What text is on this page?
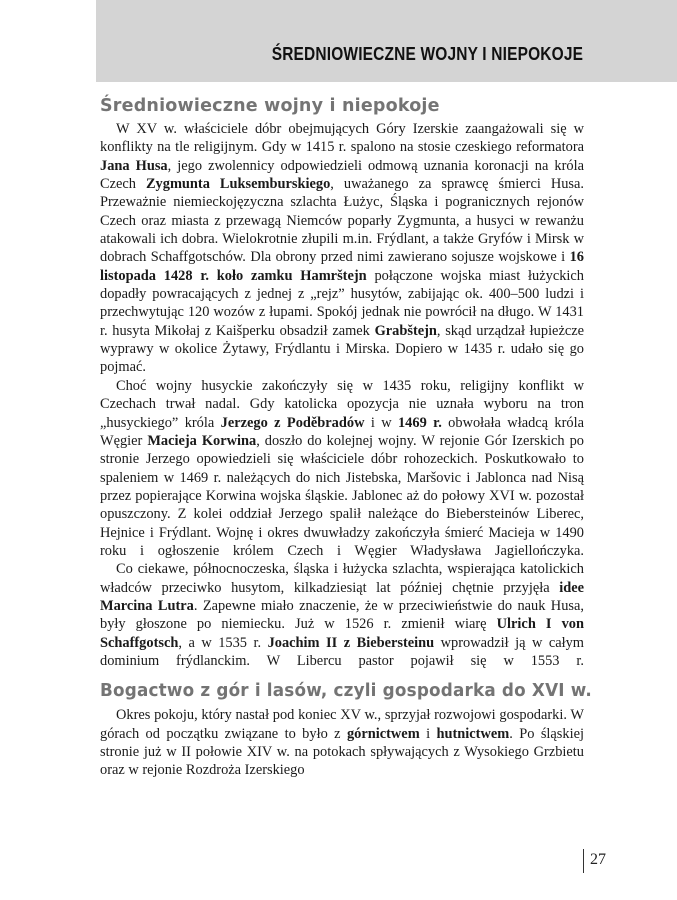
ŚREDNIOWIECZNE WOJNY I NIEPOKOJE
Średniowieczne wojny i niepokoje

W XV w. właściciele dóbr obejmujących Góry Izerskie zaangażowali się w konflikty na tle religijnym. Gdy w 1415 r. spalono na stosie czeskiego reformatora Jana Husa, jego zwolennicy odpowiedzieli odmową uznania koronacji na króla Czech Zygmunta Luksemburskiego, uważanego za sprawcę śmierci Husa. Przeważnie niemieckojęzyczna szlachta Łużyc, Śląska i pogranicznych rejonów Czech oraz miasta z przewagą Niemców poparły Zygmunta, a husyci w rewanżu atakowali ich dobra. Wielokrotnie złupili m.in. Frýdlant, a także Gryfów i Mirsk w dobrach Schaffgotschów. Dla obrony przed nimi zawierano sojusze wojskowe i 16 listopada 1428 r. koło zamku Hamrštejn połączone wojska miast łużyckich dopadły powracających z jednej z „rejz” husytów, zabijając ok. 400–500 ludzi i przechwytując 120 wozów z łupami. Spokój jednak nie powrócił na długo. W 1431 r. husyta Mikołaj z Kaišperku obsadził zamek Grabštejn, skąd urządzał łupieżcze wyprawy w okolice Żytawy, Frýdlantu i Mirska. Dopiero w 1435 r. udało się go pojmać.

Choć wojny husyckie zakończyły się w 1435 roku, religijny konflikt w Czechach trwał nadal. Gdy katolicka opozycja nie uznała wyboru na tron „husyckiego” króla Jerzego z Poděbradów i w 1469 r. obwołała władcą króla Węgier Macieja Korwina, doszło do kolejnej wojny. W rejonie Gór Izerskich po stronie Jerzego opowiedzieli się właściciele dóbr rohozeckich. Poskutkowało to spaleniem w 1469 r. należących do nich Jistebska, Maršovic i Jablonca nad Nisą przez popierające Korwina wojska śląskie. Jablonec aż do połowy XVI w. pozostał opuszczony. Z kolei oddział Jerzego spalił należące do Biebersteinów Liberec, Hejnice i Frýdlant. Wojnę i okres dwuwładzy zakończyła śmierć Macieja w 1490 roku i ogłoszenie królem Czech i Węgier Władysława Jagiellończyka.

Co ciekawe, północnoczeska, śląska i łużycka szlachta, wspierająca katolickich władców przeciwko husytom, kilkadziesiąt lat później chętnie przyjęła idee Marcina Lutra. Zapewne miało znaczenie, że w przeciwieństwie do nauk Husa, były głoszone po niemiecku. Już w 1526 r. zmienił wiarę Ulrich I von Schaffgotsch, a w 1535 r. Joachim II z Biebersteinu wprowadził ją w całym dominium frýdlanckim. W Libercu pastor pojawił się w 1553 r.

Bogactwo z gór i lasów, czyli gospodarka do XVI w.

Okres pokoju, który nastał pod koniec XV w., sprzyjał rozwojowi gospodarki. W górach od początku związane to było z górnictwem i hutnictwem. Po śląskiej stronie już w II połowie XIV w. na potokach spływających z Wysokiego Grzbietu oraz w rejonie Rozdroża Izerskiego

27
